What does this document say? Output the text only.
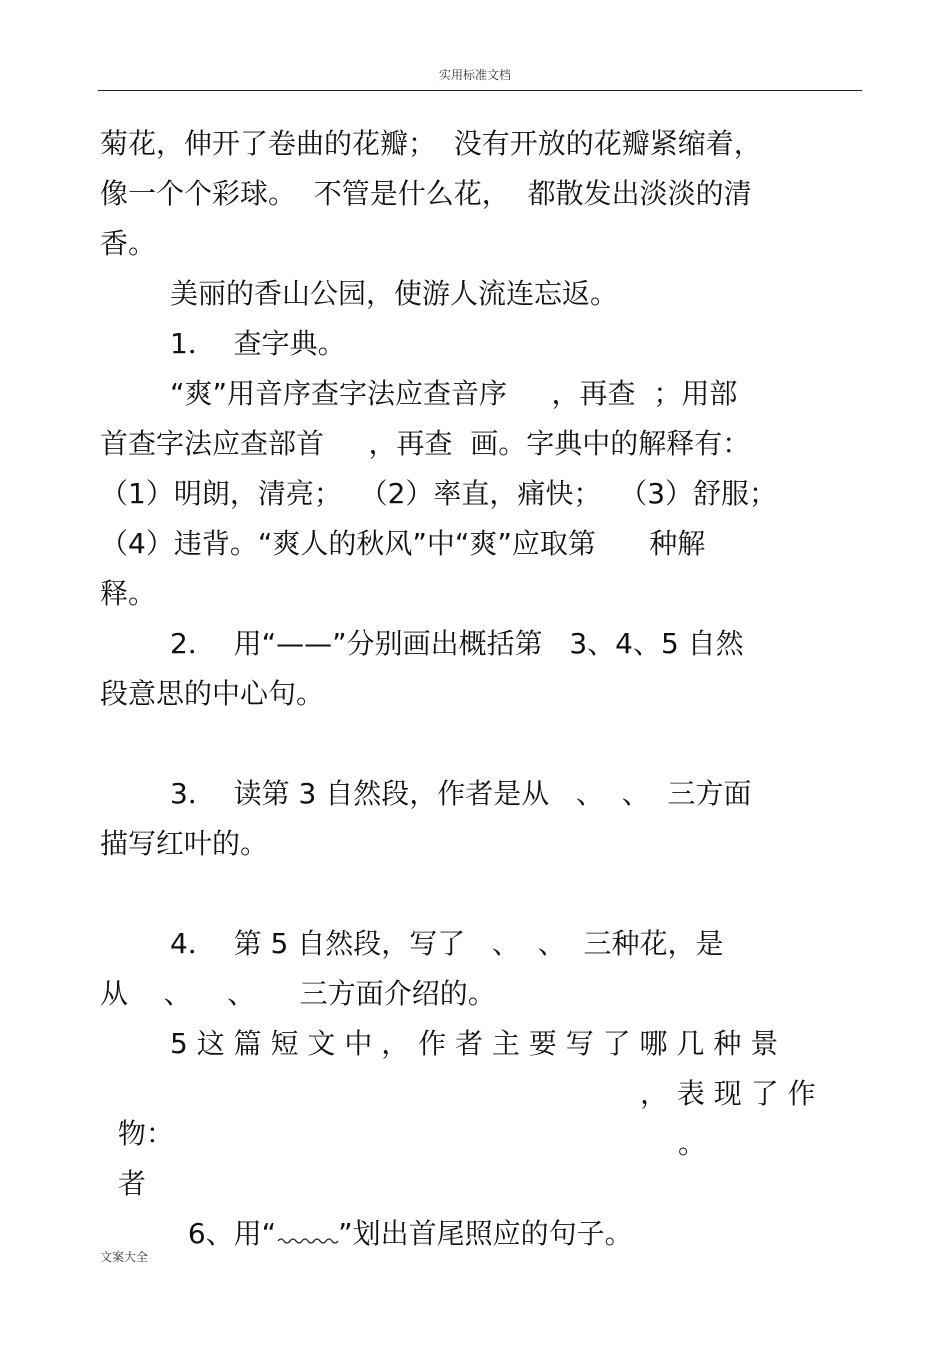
实用标准文档
菊花，伸开了卷曲的花瓣；  没有开放的花瓣紧缩着，
像一个个彩球。  不管是什么花，  都散发出淡淡的清
香。
美丽的香山公园，使游人流连忘返。
1．  查字典。
“爽”用音序查字法应查音序     ，再查  ；用部
首查字法应查部首     ，再查  画。字典中的解释有：
（1）明朗，清亮；  （2）率直，痛快；  （3）舒服；
（4）违背。“爽人的秋风”中“爽”应取第      种解
释。
2．  用“——”分别画出概括第   3、4、5 自然
段意思的中心句。
3．  读第 3 自然段，作者是从   、  、  三方面
描写红叶的。
4．  第 5 自然段，写了   、  、  三种花，是
从    、    、     三方面介绍的。
5 这 篇 短 文 中 ， 作 者 主 要 写 了 哪 几 种 景

物：

， 表 现 了 作

者

。

6、用“ ”划出首尾照应的句子。

文案大全
